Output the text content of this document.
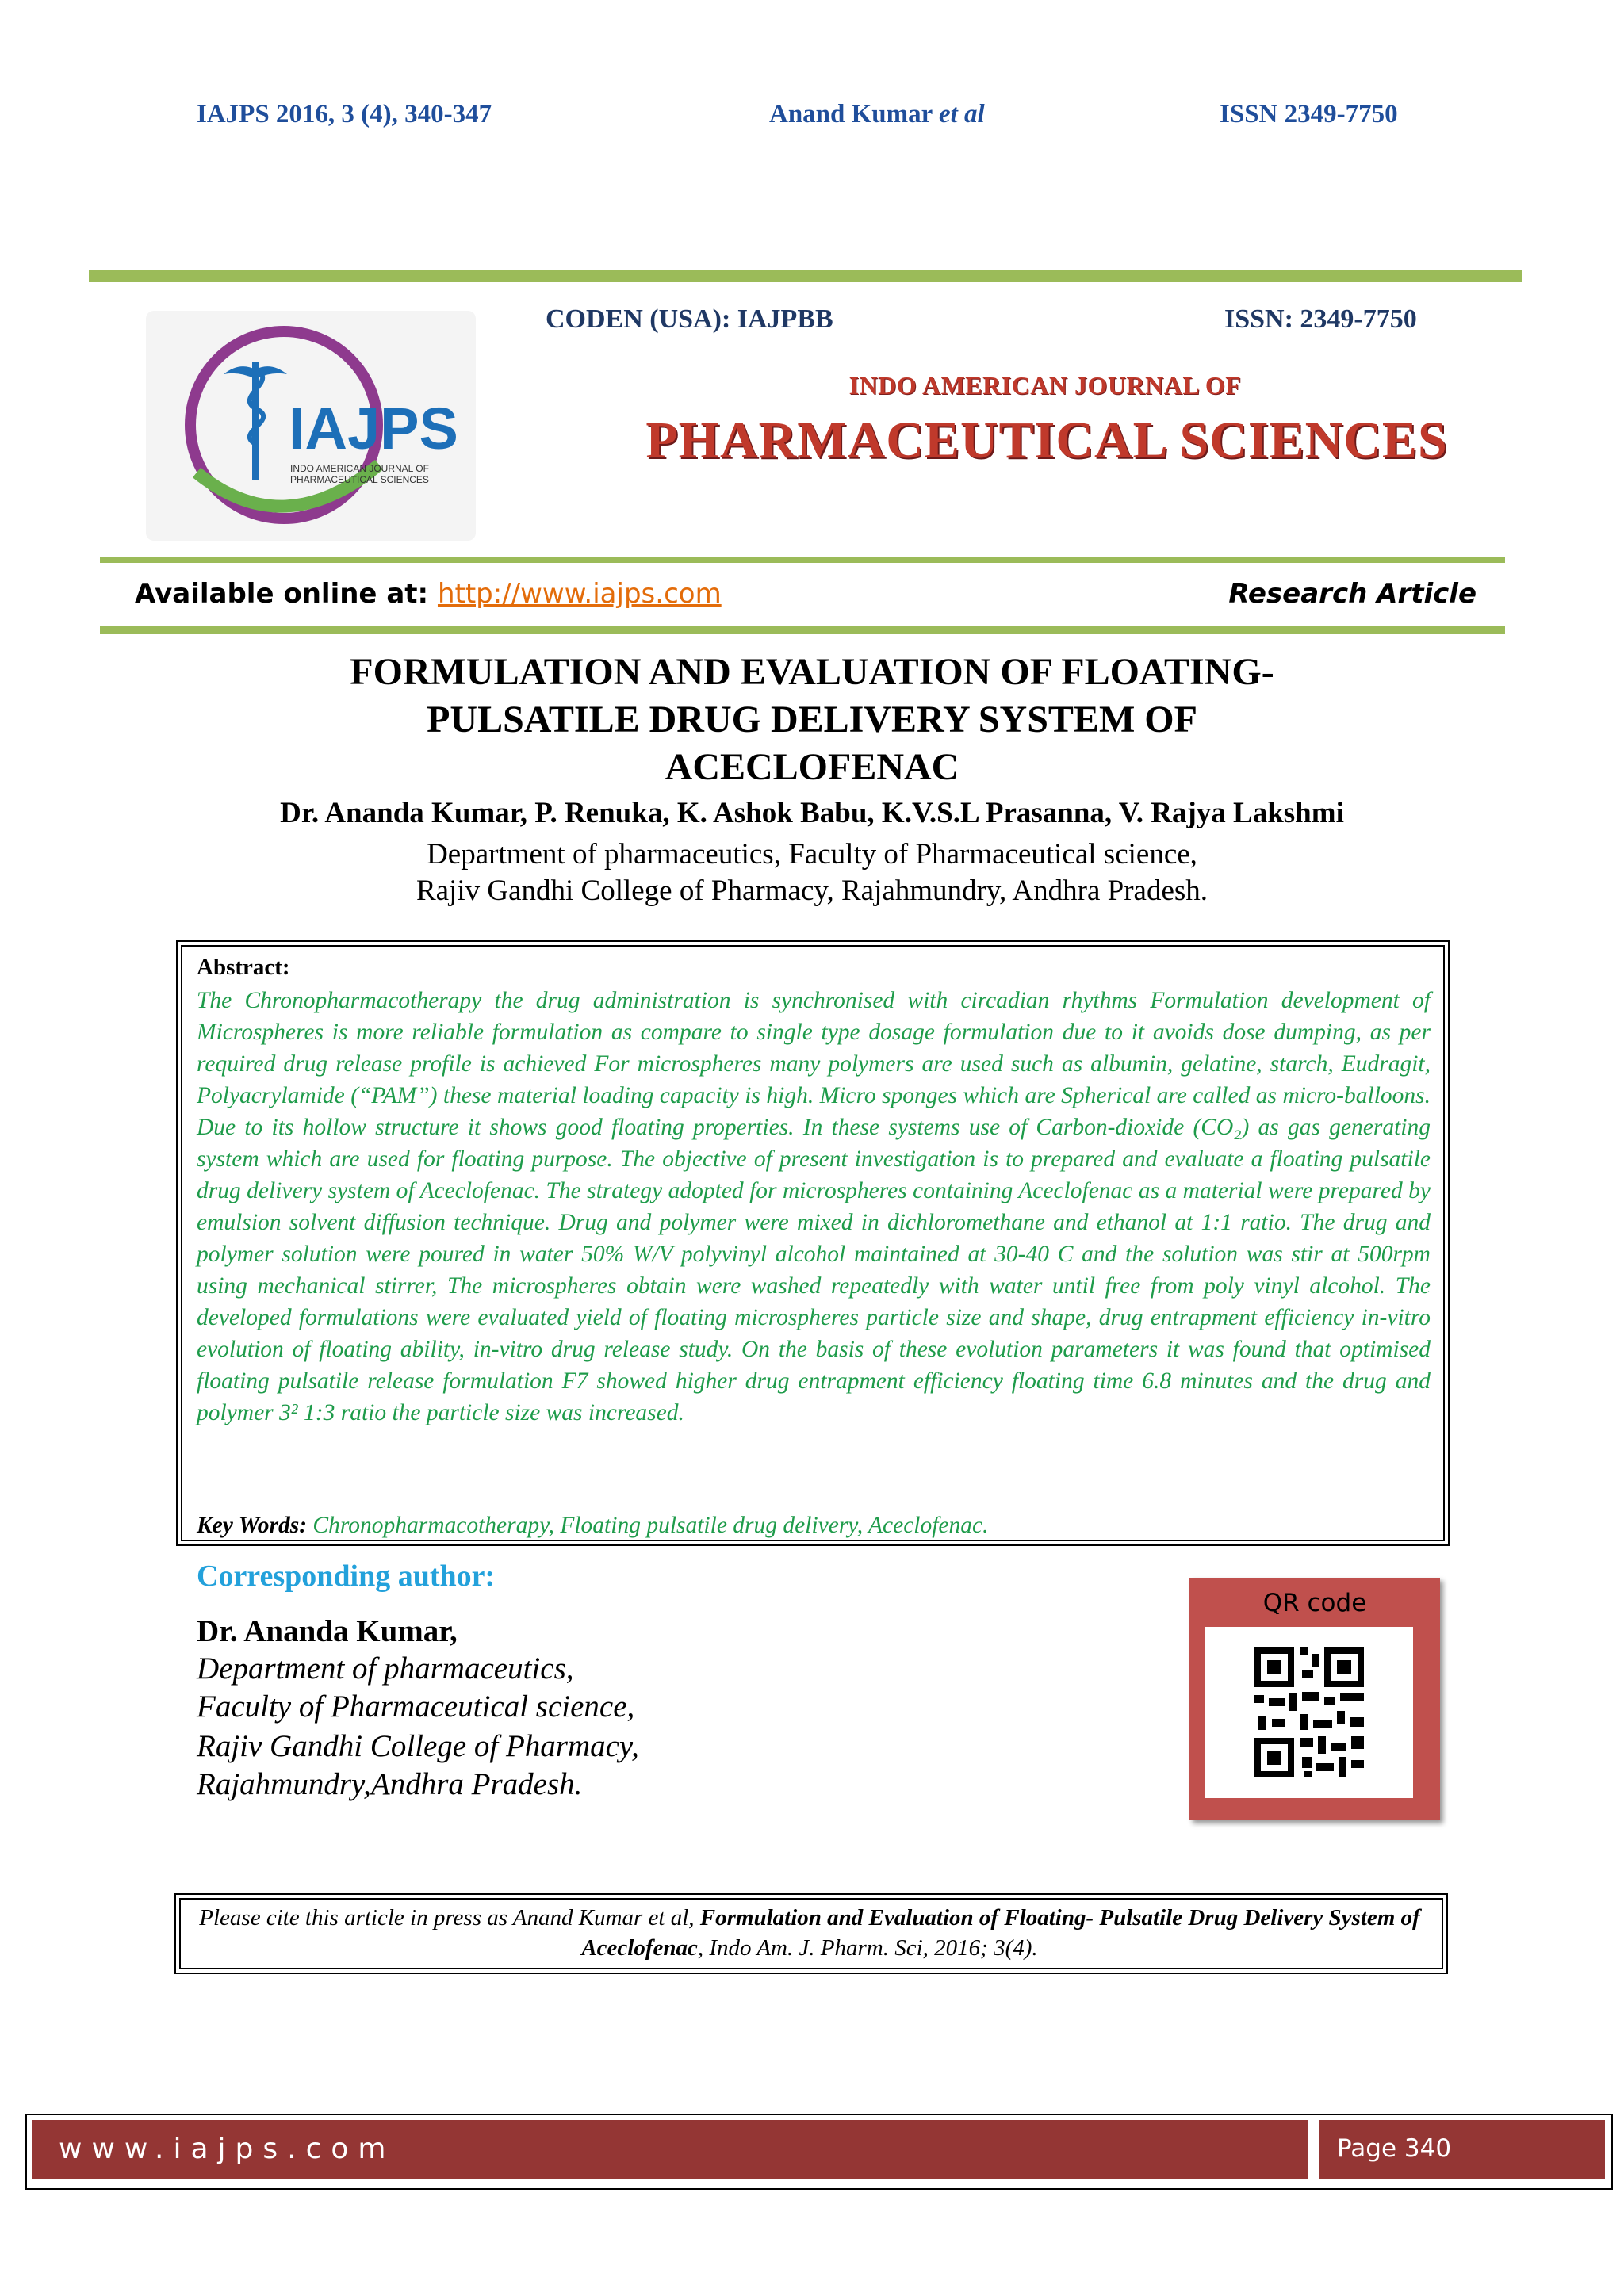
IAJPS 2016, 3 (4), 340-347	Anand Kumar et al	ISSN 2349-7750
IAJPS
INDO AMERICAN JOURNAL OF
PHARMACEUTICAL SCIENCES
CODEN (USA): IAJPBB	ISSN: 2349-7750
INDO AMERICAN JOURNAL OF
PHARMACEUTICAL SCIENCES
Available online at: http://www.iajps.com	Research Article
FORMULATION AND EVALUATION OF FLOATING-
PULSATILE DRUG DELIVERY SYSTEM OF
ACECLOFENAC
Dr. Ananda Kumar, P. Renuka, K. Ashok Babu, K.V.S.L Prasanna, V. Rajya Lakshmi
Department of pharmaceutics, Faculty of Pharmaceutical science,
Rajiv Gandhi College of Pharmacy, Rajahmundry, Andhra Pradesh.
Abstract:
The Chronopharmacotherapy the drug administration is synchronised with circadian rhythms Formulation development of Microspheres is more reliable formulation as compare to single type dosage formulation due to it avoids dose dumping, as per required drug release profile is achieved For microspheres many polymers are used such as albumin, gelatine, starch, Eudragit, Polyacrylamide (“PAM”) these material loading capacity is high. Micro sponges which are Spherical are called as micro-balloons. Due to its hollow structure it shows good floating properties. In these systems use of Carbon-dioxide (CO₂) as gas generating system which are used for floating purpose. The objective of present investigation is to prepared and evaluate a floating pulsatile drug delivery system of Aceclofenac. The strategy adopted for microspheres containing Aceclofenac as a material were prepared by emulsion solvent diffusion technique. Drug and polymer were mixed in dichloromethane and ethanol at 1:1 ratio. The drug and polymer solution were poured in water 50% W/V polyvinyl alcohol maintained at 30-40 C and the solution was stir at 500rpm using mechanical stirrer, The microspheres obtain were washed repeatedly with water until free from poly vinyl alcohol. The developed formulations were evaluated yield of floating microspheres particle size and shape, drug entrapment efficiency in-vitro evolution of floating ability, in-vitro drug release study. On the basis of these evolution parameters it was found that optimised floating pulsatile release formulation F7 showed higher drug entrapment efficiency floating time 6.8 minutes and the drug and polymer 3² 1:3 ratio the particle size was increased.
Key Words: Chronopharmacotherapy, Floating pulsatile drug delivery, Aceclofenac.
Corresponding author:
Dr. Ananda Kumar,
Department of pharmaceutics,
Faculty of Pharmaceutical science,
Rajiv Gandhi College of Pharmacy,
Rajahmundry,Andhra Pradesh.
QR code
Please cite this article in press as Anand Kumar et al, Formulation and Evaluation of Floating- Pulsatile Drug Delivery System of Aceclofenac, Indo Am. J. Pharm. Sci, 2016; 3(4).
www.iajps.com	Page 340
